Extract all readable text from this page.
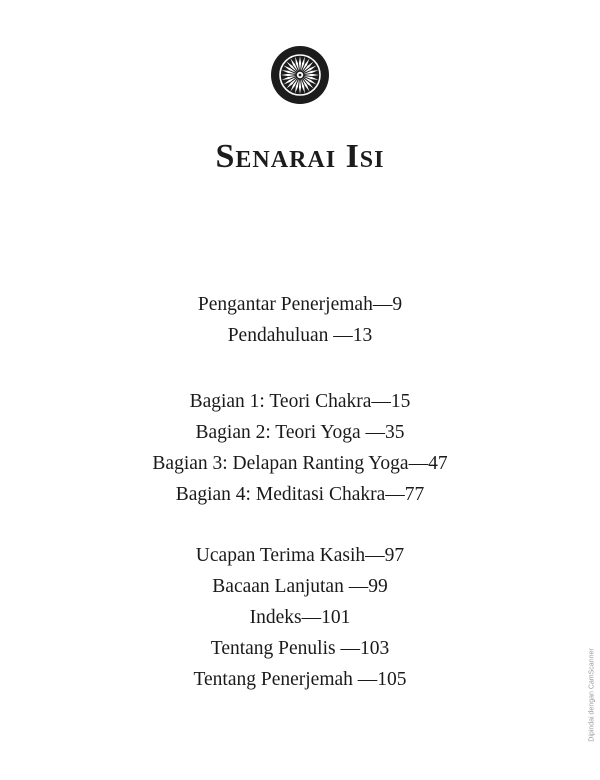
Senarai Isi
Pengantar Penerjemah—9
Pendahuluan —13
Bagian 1: Teori Chakra—15
Bagian 2: Teori Yoga —35
Bagian 3: Delapan Ranting Yoga—47
Bagian 4: Meditasi Chakra—77
Ucapan Terima Kasih—97
Bacaan Lanjutan —99
Indeks—101
Tentang Penulis —103
Tentang Penerjemah —105	Dipindai dengan CamScanner
